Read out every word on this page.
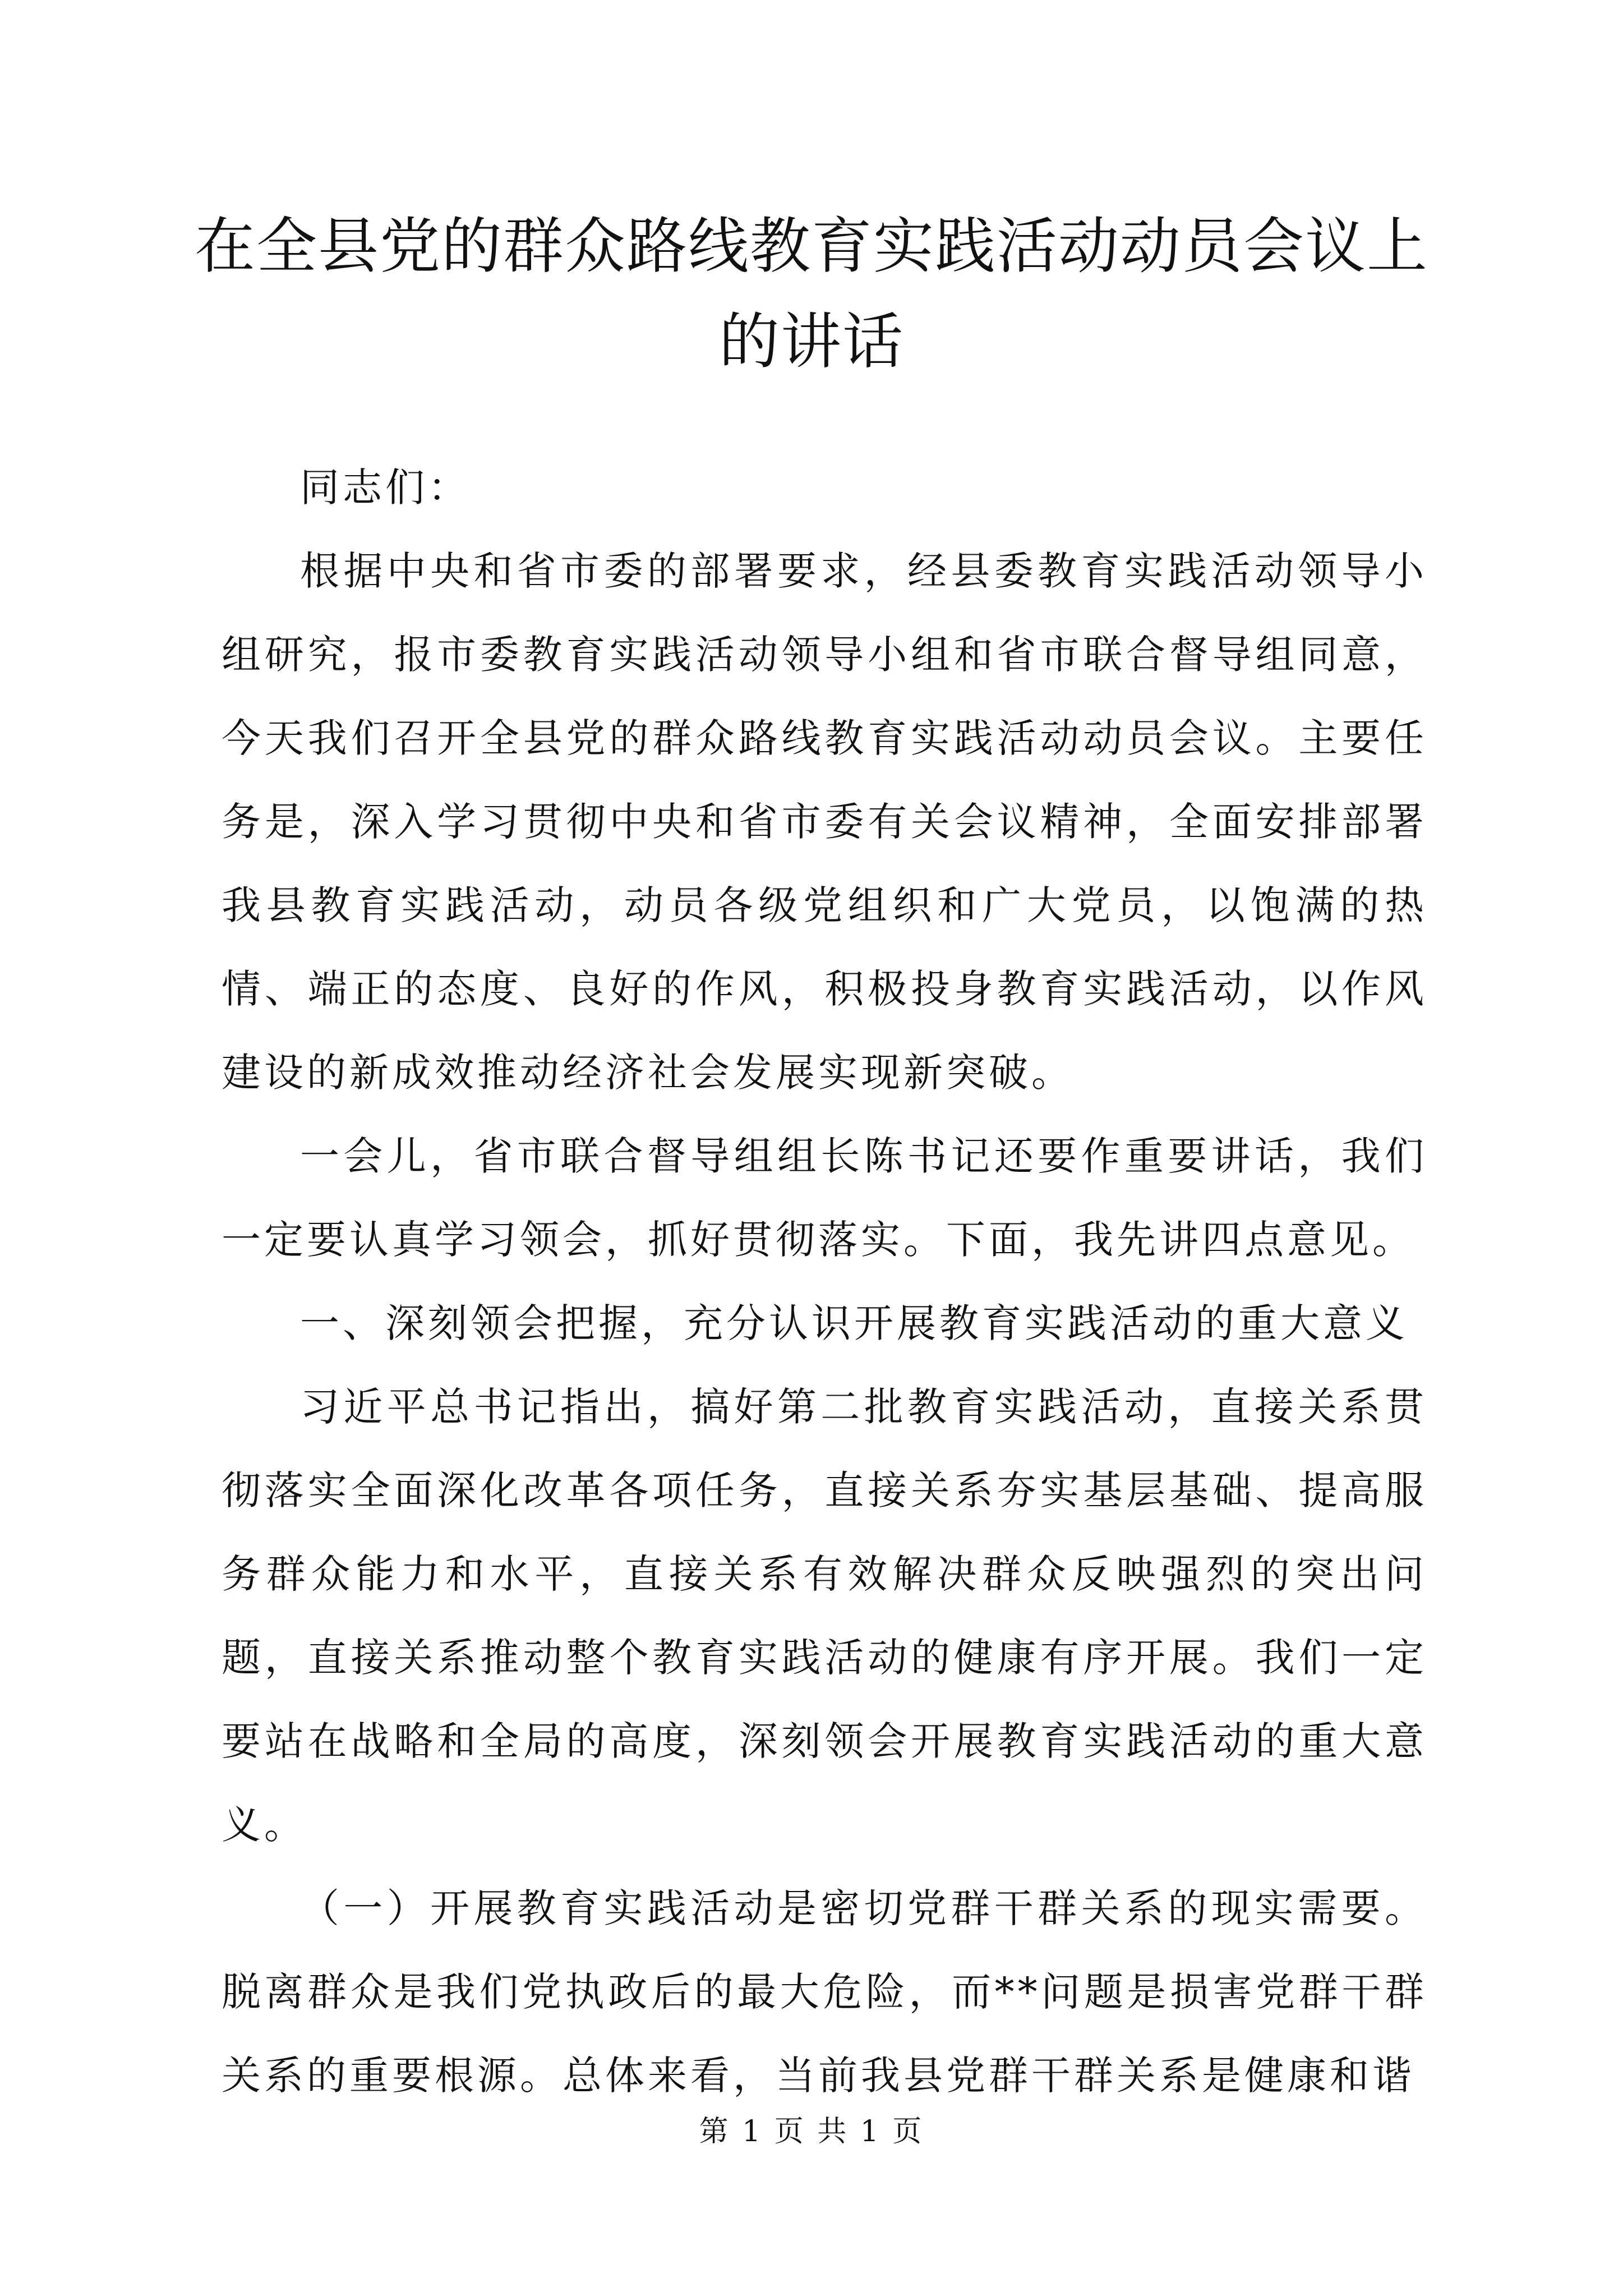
在全县党的群众路线教育实践活动动员会议上的讲话

同志们：

根据中央和省市委的部署要求，经县委教育实践活动领导小组研究，报市委教育实践活动领导小组和省市联合督导组同意，今天我们召开全县党的群众路线教育实践活动动员会议。主要任务是，深入学习贯彻中央和省市委有关会议精神，全面安排部署我县教育实践活动，动员各级党组织和广大党员，以饱满的热情、端正的态度、良好的作风，积极投身教育实践活动，以作风建设的新成效推动经济社会发展实现新突破。

一会儿，省市联合督导组组长陈书记还要作重要讲话，我们一定要认真学习领会，抓好贯彻落实。下面，我先讲四点意见。

一、深刻领会把握，充分认识开展教育实践活动的重大意义

习近平总书记指出，搞好第二批教育实践活动，直接关系贯彻落实全面深化改革各项任务，直接关系夯实基层基础、提高服务群众能力和水平，直接关系有效解决群众反映强烈的突出问题，直接关系推动整个教育实践活动的健康有序开展。我们一定要站在战略和全局的高度，深刻领会开展教育实践活动的重大意义。

（一）开展教育实践活动是密切党群干群关系的现实需要。脱离群众是我们党执政后的最大危险，而**问题是损害党群干群关系的重要根源。总体来看，当前我县党群干群关系是健康和谐

第 1 页 共 1 页
